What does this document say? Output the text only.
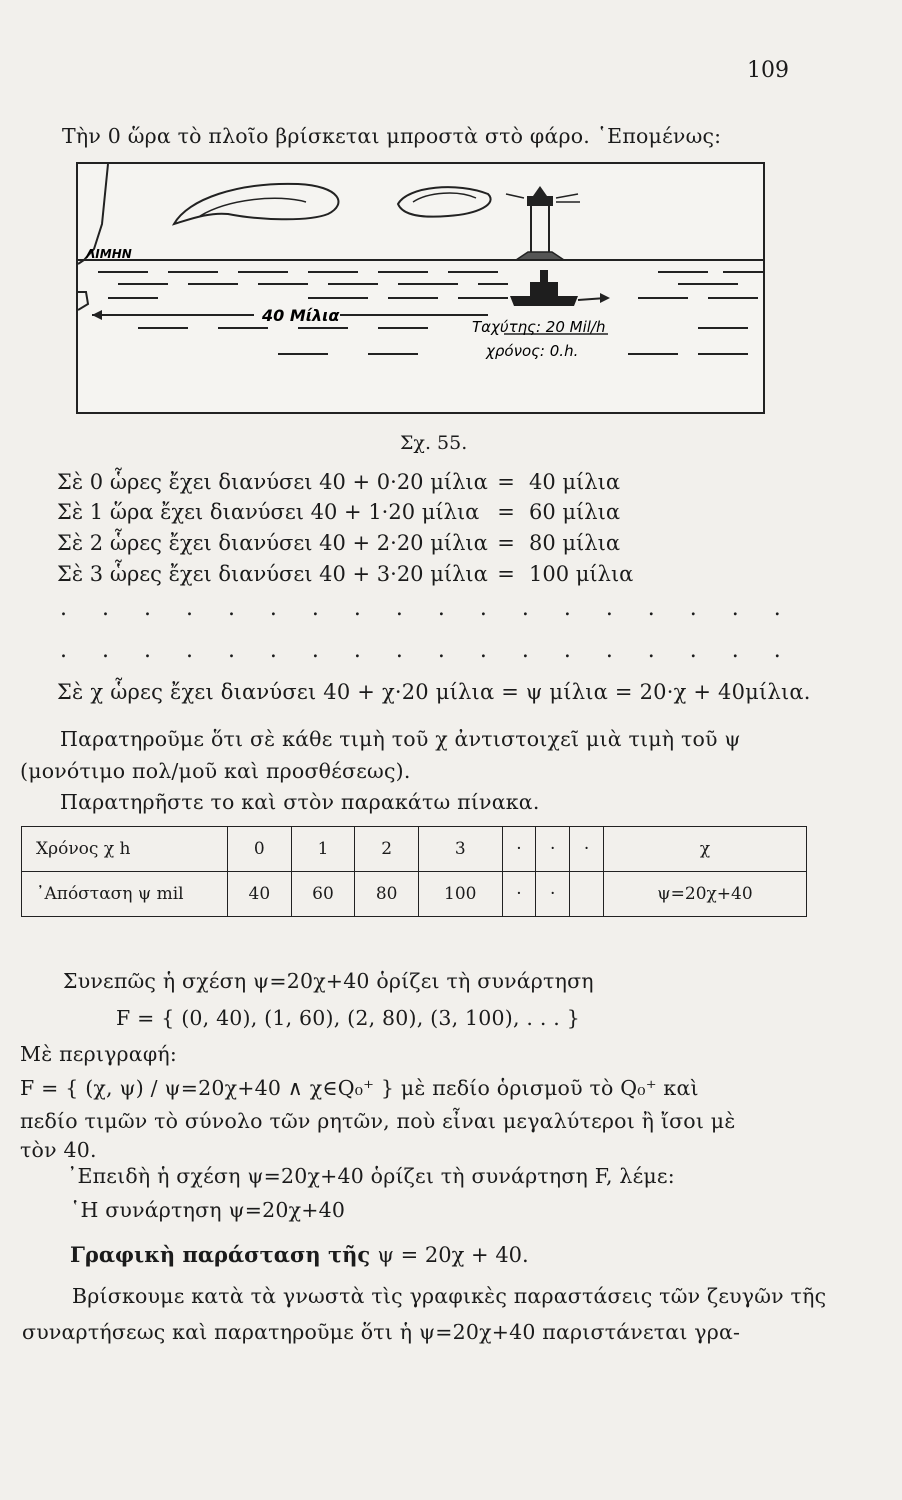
109
Τὴν 0 ὥρα τὸ πλοῖο βρίσκεται μπροστὰ στὸ φάρο. ῾Επομένως:
ΛΙΜΗΝ
40 Μίλια
Ταχύτης: 20 Μil/h
χρόνος: 0.h.
Σχ. 55.
Σὲ 0 ὧρες ἔχει διανύσει 40 + 0·20 μίλια = 40 μίλια
Σὲ 1 ὥρα ἔχει διανύσει 40 + 1·20 μίλια = 60 μίλια
Σὲ 2 ὧρες ἔχει διανύσει 40 + 2·20 μίλια = 80 μίλια
Σὲ 3 ὧρες ἔχει διανύσει 40 + 3·20 μίλια = 100 μίλια
. . . . . . . . . . . . . . . . . .
. . . . . . . . . . . . . . . . . .
Σὲ χ ὧρες ἔχει διανύσει 40 + χ·20 μίλια = ψ μίλια = 20·χ + 40μίλια.
Παρατηροῦμε ὅτι σὲ κάθε τιμὴ τοῦ χ ἀντιστοιχεῖ μιὰ τιμὴ τοῦ ψ
(μονότιμο πολ/μοῦ καὶ προσθέσεως).
Παρατηρῆστε το καὶ στὸν παρακάτω πίνακα.
Χρόνος χ h	0	1	2	3	·	·	·	χ
᾿Απόσταση ψ mil	40	60	80	100	·	·		ψ=20χ+40
Συνεπῶς ἡ σχέση ψ=20χ+40 ὁρίζει τὴ συνάρτηση
F = { (0, 40), (1, 60), (2, 80), (3, 100), . . . }
Μὲ περιγραφή:
F = { (χ, ψ) / ψ=20χ+40 ∧ χ∈Q₀⁺ } μὲ πεδίο ὁρισμοῦ τὸ Q₀⁺ καὶ
πεδίο τιμῶν τὸ σύνολο τῶν ρητῶν, ποὺ εἶναι μεγαλύτεροι ἢ ἴσοι μὲ
τὸν 40.
᾿Επειδὴ ἡ σχέση ψ=20χ+40 ὁρίζει τὴ συνάρτηση F, λέμε:
῾Η συνάρτηση ψ=20χ+40
Γραφικὴ παράσταση τῆς ψ = 20χ + 40.
Βρίσκουμε κατὰ τὰ γνωστὰ τὶς γραφικὲς παραστάσεις τῶν ζευγῶν τῆς
συναρτήσεως καὶ παρατηροῦμε ὅτι ἡ ψ=20χ+40 παριστάνεται γρα-
